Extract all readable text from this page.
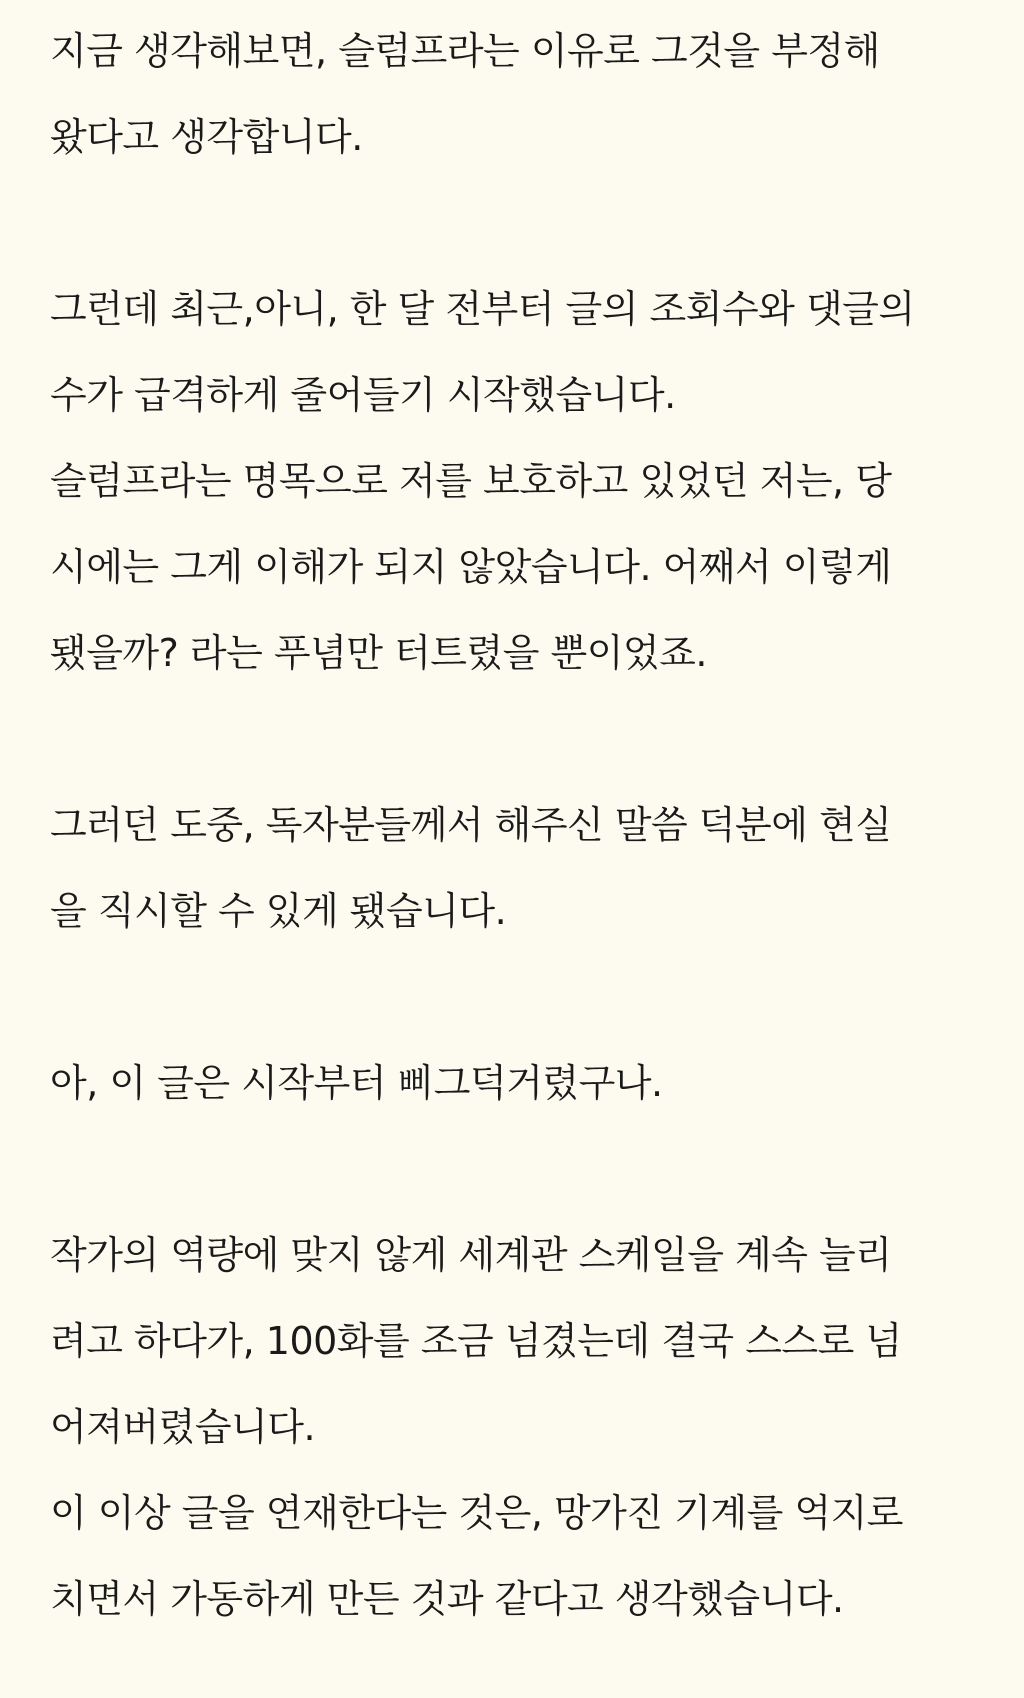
지금 생각해보면, 슬럼프라는 이유로 그것을 부정해
왔다고 생각합니다.
그런데 최근,아니, 한 달 전부터 글의 조회수와 댓글의
수가 급격하게 줄어들기 시작했습니다.
슬럼프라는 명목으로 저를 보호하고 있었던 저는, 당
시에는 그게 이해가 되지 않았습니다. 어째서 이렇게
됐을까? 라는 푸념만 터트렸을 뿐이었죠.
그러던 도중, 독자분들께서 해주신 말씀 덕분에 현실
을 직시할 수 있게 됐습니다.
아, 이 글은 시작부터 삐그덕거렸구나.
작가의 역량에 맞지 않게 세계관 스케일을 계속 늘리
려고 하다가, 100화를 조금 넘겼는데 결국 스스로 넘
어져버렸습니다.
이 이상 글을 연재한다는 것은, 망가진 기계를 억지로
치면서 가동하게 만든 것과 같다고 생각했습니다.
